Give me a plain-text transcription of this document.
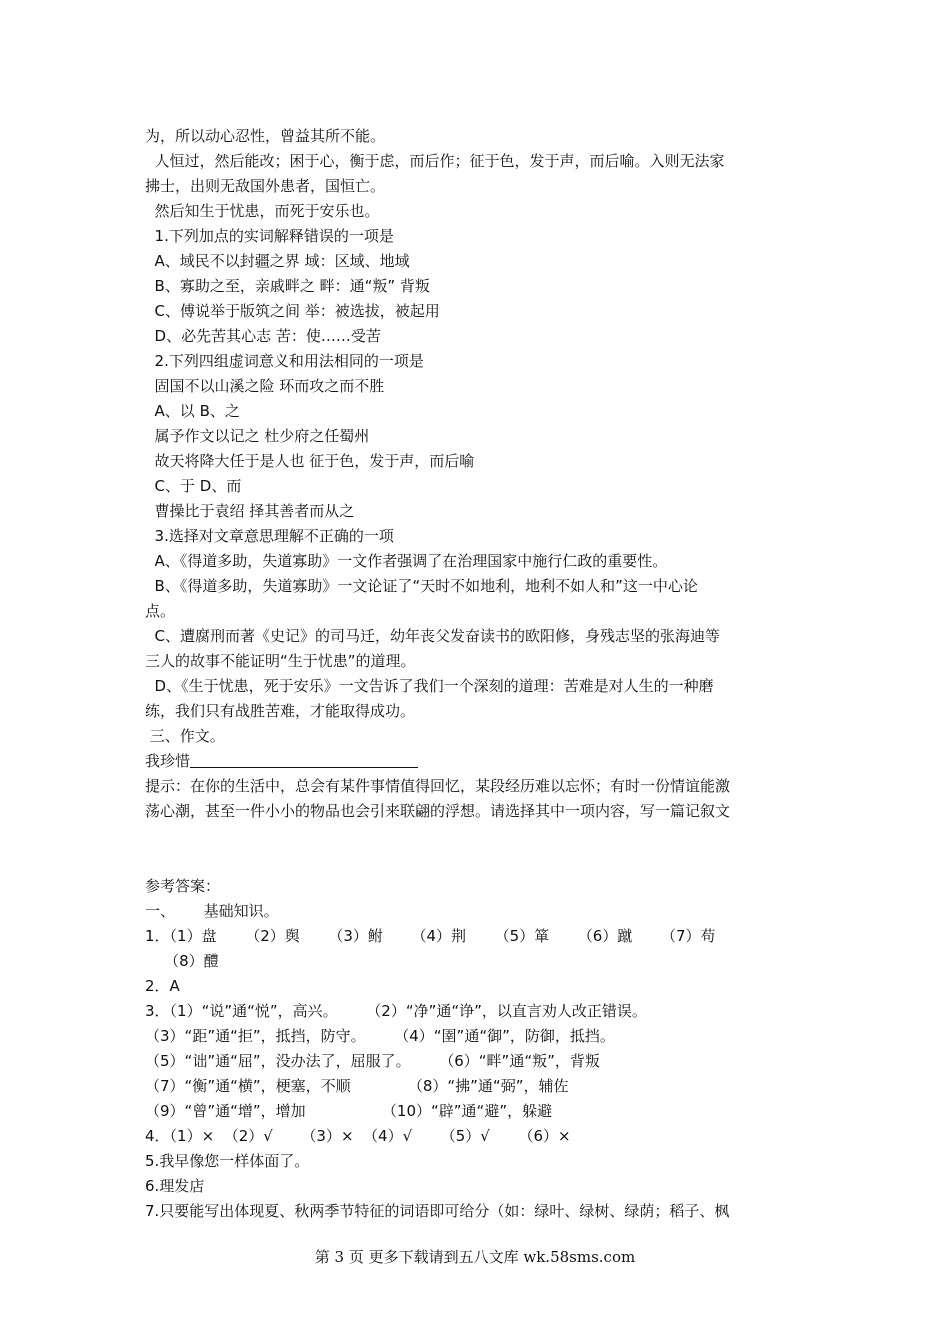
为，所以动心忍性，曾益其所不能。
人恒过，然后能改；困于心，衡于虑，而后作；征于色，发于声，而后喻。入则无法家
拂士，出则无敌国外患者，国恒亡。
然后知生于忧患，而死于安乐也。
1.下列加点的实词解释错误的一项是
A、域民不以封疆之界 域：区域、地域
B、寡助之至，亲戚畔之 畔：通“叛” 背叛
C、傅说举于版筑之间 举：被选拔，被起用
D、必先苦其心志 苦：使……受苦
2.下列四组虚词意义和用法相同的一项是
固国不以山溪之险 环而攻之而不胜
A、以 B、之
属予作文以记之 杜少府之任蜀州
故天将降大任于是人也 征于色，发于声，而后喻
C、于 D、而
曹操比于袁绍 择其善者而从之
3.选择对文章意思理解不正确的一项
A、《得道多助，失道寡助》一文作者强调了在治理国家中施行仁政的重要性。
B、《得道多助，失道寡助》一文论证了“天时不如地利，地利不如人和”这一中心论
点。
C、遭腐刑而著《史记》的司马迁，幼年丧父发奋读书的欧阳修，身残志坚的张海迪等
三人的故事不能证明“生于忧患”的道理。
D、《生于忧患，死于安乐》一文告诉了我们一个深刻的道理：苦难是对人生的一种磨
练，我们只有战胜苦难，才能取得成功。
三、作文。
我珍惜
提示：在你的生活中，总会有某件事情值得回忆，某段经历难以忘怀；有时一份情谊能激
荡心潮，甚至一件小小的物品也会引来联翩的浮想。请选择其中一项内容，写一篇记叙文
参考答案：
一、      基础知识。
1．（1）盘      （2）舆      （3）鲋      （4）荆      （5）箪      （6）蹴      （7）苟
（8）醴
2．A
3．（1）“说”通“悦”，高兴。      （2）“净”通“诤”，以直言劝人改正错误。
（3）“距”通“拒”，抵挡，防守。      （4）“圉”通“御”，防御，抵挡。
（5）“诎”通“屈”，没办法了，屈服了。      （6）“畔”通“叛”，背叛
（7）“衡”通“横”，梗塞，不顺            （8）“拂”通“弼”，辅佐
（9）“曾”通“增”，增加                （10）“辟”通“避”，躲避
4．（1）×  （2）√      （3）×  （4）√      （5）√      （6）×
5.我早像您一样体面了。
6.理发店
7.只要能写出体现夏、秋两季节特征的词语即可给分（如：绿叶、绿树、绿荫；稻子、枫
第 3 页 更多下载请到五八文库 wk.58sms.com
